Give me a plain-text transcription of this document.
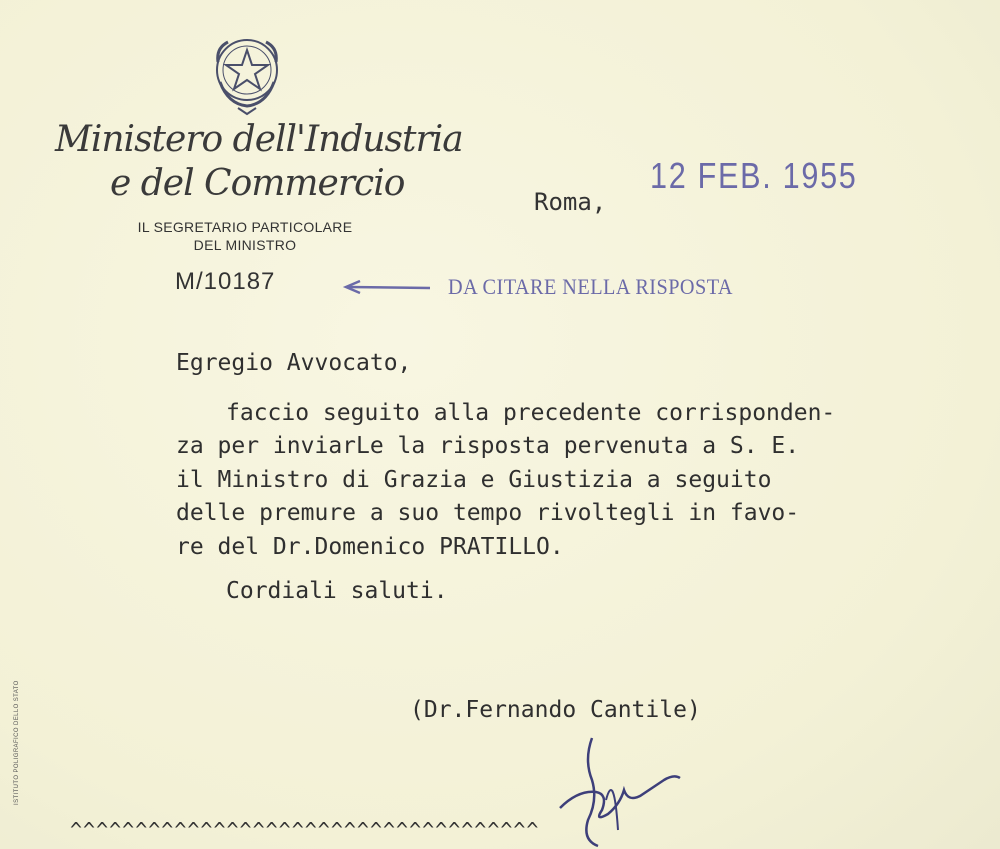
Ministero dell'Industria
e del Commercio
IL SEGRETARIO PARTICOLARE
DEL MINISTRO
M/10187	DA CITARE NELLA RISPOSTA
Roma,
12 FEB. 1955
Egregio Avvocato,
faccio seguito alla precedente corrisponden-
za per inviarLe la risposta pervenuta a S. E.
il Ministro di Grazia e Giustizia a seguito
delle premure a suo tempo rivoltegli in favo-
re del Dr.Domenico PRATILLO.
Cordiali saluti.
(Dr.Fernando Cantile)
ISTITUTO POLIGRAFICO DELLO STATO
^^^^^^^^^^^^^^^^^^^^^^^^^^^^^^^^^^^^
